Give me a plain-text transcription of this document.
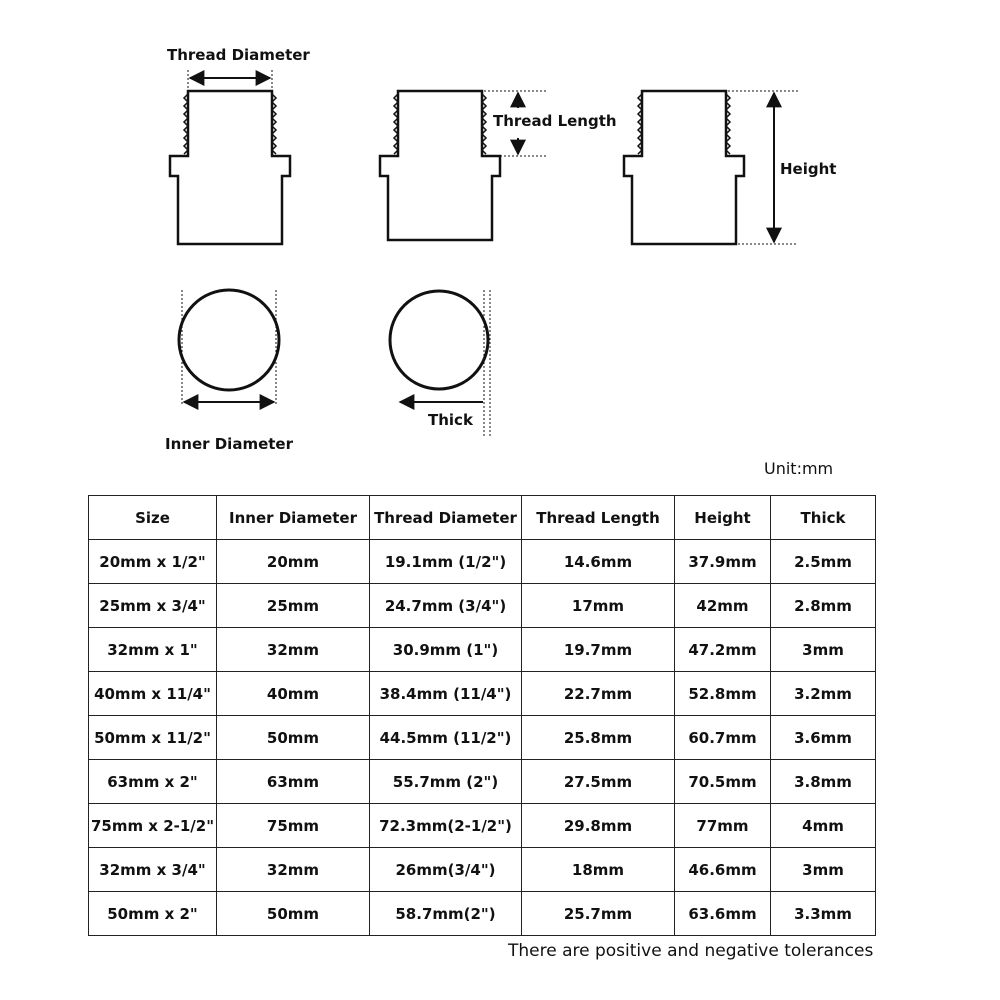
Thread Diameter
Thread Length
Height
Inner Diameter
Thick
Unit:mm
Size	Inner Diameter	Thread Diameter	Thread Length	Height	Thick
20mm x 1/2"	20mm	19.1mm (1/2")	14.6mm	37.9mm	2.5mm
25mm x 3/4"	25mm	24.7mm (3/4")	17mm	42mm	2.8mm
32mm x 1"	32mm	30.9mm (1")	19.7mm	47.2mm	3mm
40mm x 11/4"	40mm	38.4mm (11/4")	22.7mm	52.8mm	3.2mm
50mm x 11/2"	50mm	44.5mm (11/2")	25.8mm	60.7mm	3.6mm
63mm x 2"	63mm	55.7mm (2")	27.5mm	70.5mm	3.8mm
75mm x 2-1/2"	75mm	72.3mm(2-1/2")	29.8mm	77mm	4mm
32mm x 3/4"	32mm	26mm(3/4")	18mm	46.6mm	3mm
50mm x 2"	50mm	58.7mm(2")	25.7mm	63.6mm	3.3mm
There are positive and negative tolerances
